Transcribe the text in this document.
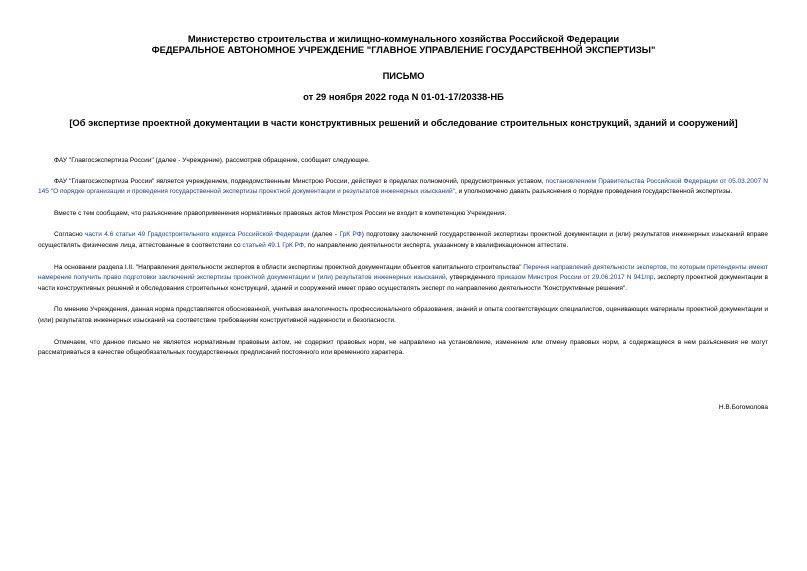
Министерство строительства и жилищно-коммунального хозяйства Российской Федерации
ФЕДЕРАЛЬНОЕ АВТОНОМНОЕ УЧРЕЖДЕНИЕ "ГЛАВНОЕ УПРАВЛЕНИЕ ГОСУДАРСТВЕННОЙ ЭКСПЕРТИЗЫ"
ПИСЬМО
от 29 ноября 2022 года N 01-01-17/20338-НБ
[Об экспертизе проектной документации в части конструктивных решений и обследование строительных конструкций, зданий и сооружений]

ФАУ "Главгосэкспертиза России" (далее - Учреждение), рассмотрев обращение, сообщает следующее.

ФАУ "Главгосэкспертиза России" является учреждением, подведомственным Минстрою России, действует в пределах полномочий, предусмотренных уставом, постановлением Правительства Российской Федерации от 05.03.2007 N 145 "О порядке организации и проведения государственной экспертизы проектной документации и результатов инженерных изысканий", и уполномочено давать разъяснения о порядке проведения государственной экспертизы.

Вместе с тем сообщаем, что разъяснение правоприменения нормативных правовых актов Минстроя России не входит в компетенцию Учреждения.

Согласно части 4.6 статьи 49 Градостроительного кодекса Российской Федерации (далее - ГрК РФ) подготовку заключений государственной экспертизы проектной документации и (или) результатов инженерных изысканий вправе осуществлять физические лица, аттестованные в соответствии со статьей 49.1 ГрК РФ, по направлению деятельности эксперта, указанному в квалификационном аттестате.

На основании раздела I.II. "Направления деятельности экспертов в области экспертизы проектной документации объектов капитального строительства" Перечня направлений деятельности экспертов, по которым претенденты имеют намерение получить право подготовки заключений экспертизы проектной документации и (или) результатов инженерных изысканий, утвержденного приказом Минстроя России от 29.06.2017 N 941/пр, эксперту проектной документации в части конструктивных решений и обследования строительных конструкций, зданий и сооружений имеет право осуществлять эксперт по направлению деятельности "Конструктивные решения".

По мнению Учреждения, данная норма представляется обоснованной, учитывая аналогичность профессионального образования, знаний и опыта соответствующих специалистов, оценивающих материалы проектной документации и (или) результатов инженерных изысканий на соответствие требованиям конструктивной надежности и безопасности.

Отмечаем, что данное письмо не является нормативным правовым актом, не содержит правовых норм, не направлено на установление, изменение или отмену правовых норм, а содержащиеся в нем разъяснения не могут рассматриваться в качестве общеобязательных государственных предписаний постоянного или временного характера.

Н.В.Богомолова
